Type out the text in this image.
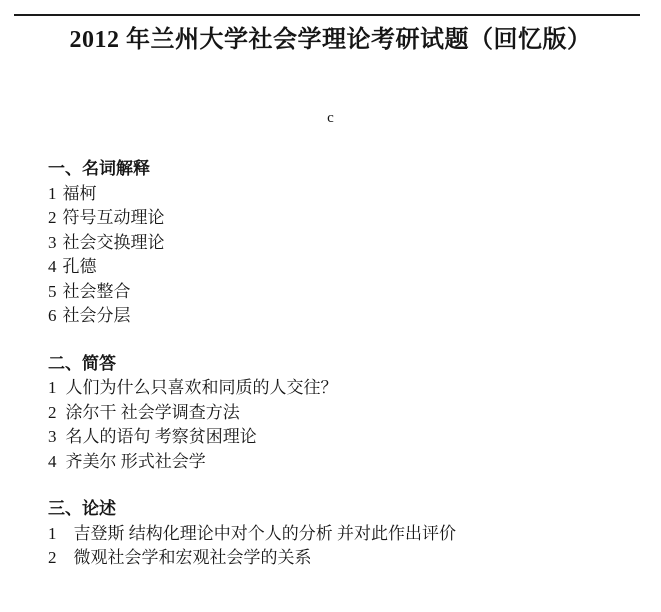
2012 年兰州大学社会学理论考研试题（回忆版）
c
一、名词解释
1 福柯
2 符号互动理论
3 社会交换理论
4 孔德
5 社会整合
6 社会分层
二、简答
1 人们为什么只喜欢和同质的人交往？
2 涂尔干 社会学调查方法
3 名人的语句 考察贫困理论
4 齐美尔 形式社会学
三、论述
1 吉登斯 结构化理论中对个人的分析 并对此作出评价
2 微观社会学和宏观社会学的关系
